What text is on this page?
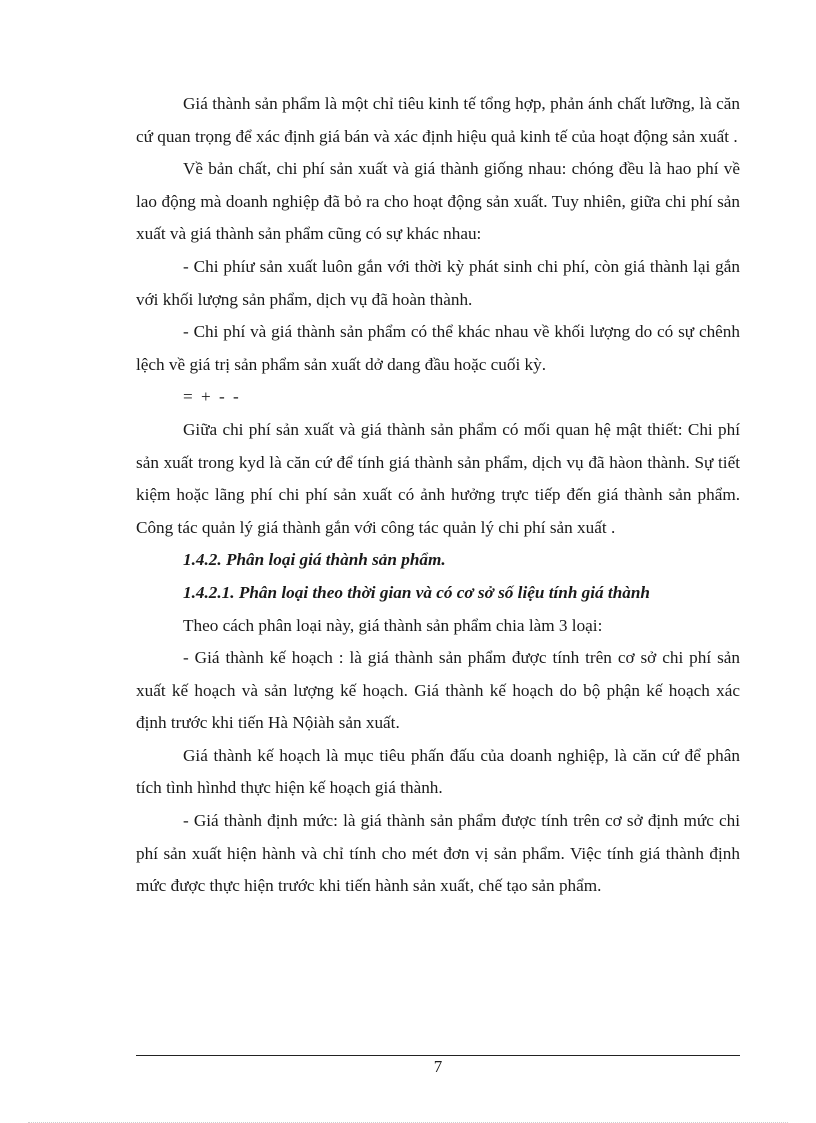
Giá thành sản phẩm là một chỉ tiêu kinh tế tổng hợp, phản ánh chất lưỡng, là căn cứ quan trọng để xác định giá bán và xác định hiệu quả kinh tế của hoạt động sản xuất .

Về bản chất, chi phí sản xuất và giá thành giống nhau: chóng đều là hao phí về lao động mà doanh nghiệp đã bỏ ra cho hoạt động sản xuất. Tuy nhiên, giữa chi phí sản xuất và giá thành sản phẩm cũng có sự khác nhau:

- Chi phíư sản xuất luôn gắn với thời kỳ phát sinh chi phí, còn giá thành lại gắn với khối lượng sản phẩm, dịch vụ đã hoàn thành.

- Chi phí và giá thành sản phẩm có thể khác nhau về khối lượng do có sự chênh lệch về giá trị sản phẩm sản xuất dở dang đầu hoặc cuối kỳ.

= + - -

Giữa chi phí sản xuất và giá thành sản phẩm có mối quan hệ mật thiết: Chi phí sản xuất trong kyd là căn cứ để tính giá thành sản phẩm, dịch vụ đã hàon thành. Sự tiết kiệm hoặc lãng phí chi phí sản xuất có ảnh hưởng trực tiếp đến giá thành sản phẩm. Công tác quản lý giá thành gắn với công tác quản lý chi phí sản xuất .

1.4.2. Phân loại giá thành sản phẩm.

1.4.2.1. Phân loại theo thời gian và có cơ sở số liệu tính giá thành

Theo cách phân loại này, giá thành sản phẩm chia làm 3 loại:

- Giá thành kế hoạch : là giá thành sản phẩm được tính trên cơ sở chi phí sản xuất kế hoạch và sản lượng kế hoạch. Giá thành kế hoạch do bộ phận kế hoạch xác định trước khi tiến Hà Nộiàh sản xuất.

Giá thành kế hoạch là mục tiêu phấn đấu của doanh nghiệp, là căn cứ để phân tích tình hìnhd thực hiện kế hoạch giá thành.

- Giá thành định mức: là giá thành sản phẩm được tính trên cơ sở định mức chi phí sản xuất hiện hành và chỉ tính cho mét đơn vị sản phẩm. Việc tính giá thành định mức được thực hiện trước khi tiến hành sản xuất, chế tạo sản phẩm.

7
